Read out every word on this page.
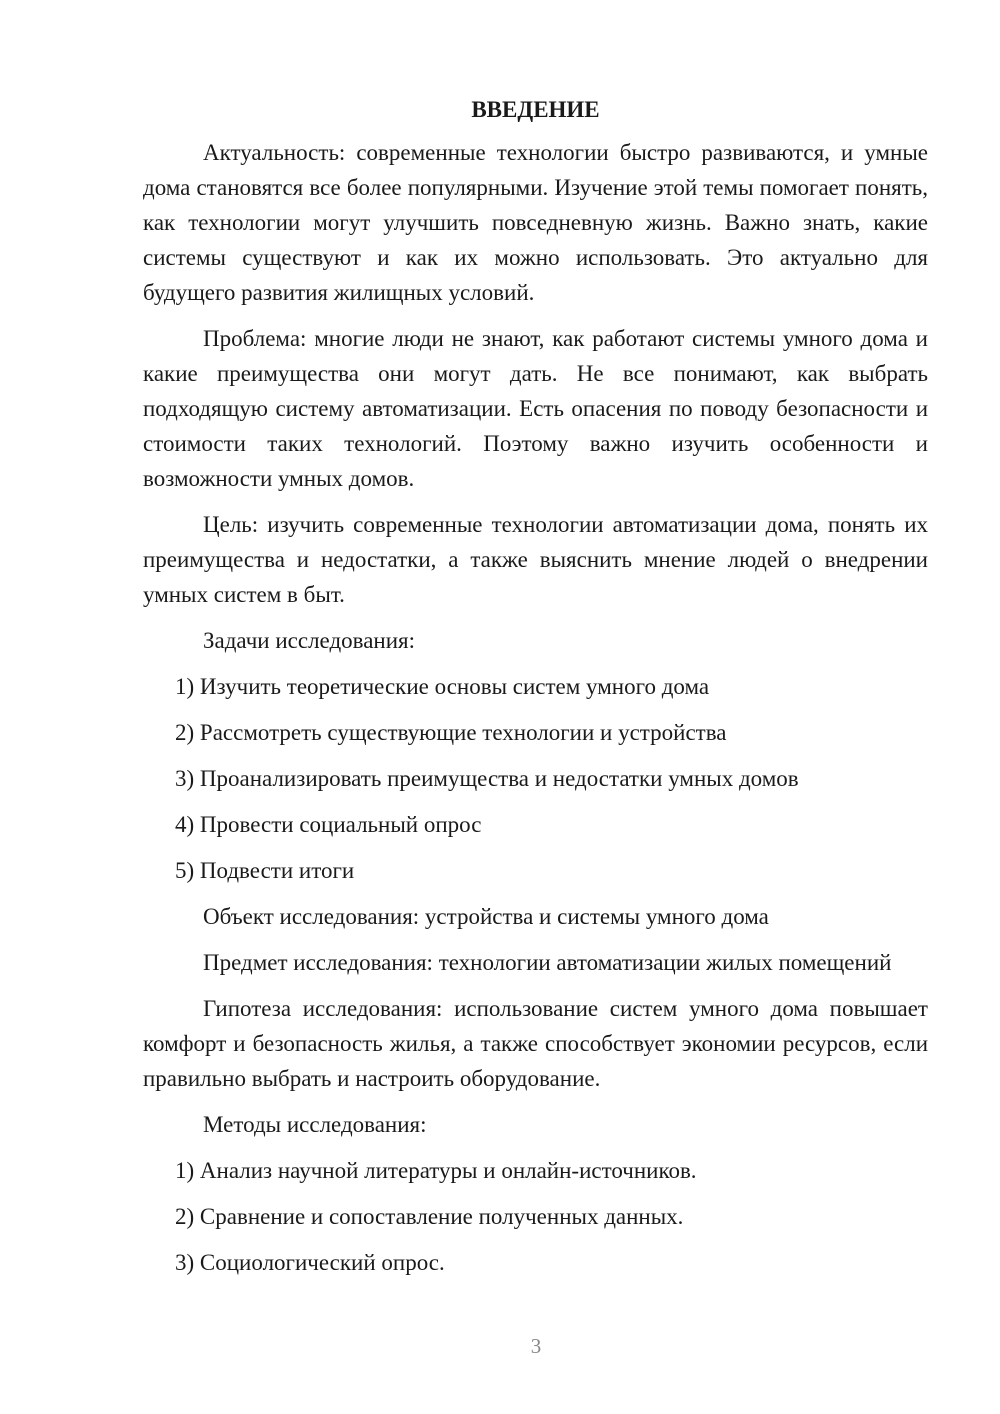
ВВЕДЕНИЕ

Актуальность: современные технологии быстро развиваются, и умные дома становятся все более популярными. Изучение этой темы помогает понять, как технологии могут улучшить повседневную жизнь. Важно знать, какие системы существуют и как их можно использовать. Это актуально для будущего развития жилищных условий.

Проблема: многие люди не знают, как работают системы умного дома и какие преимущества они могут дать. Не все понимают, как выбрать подходящую систему автоматизации. Есть опасения по поводу безопасности и стоимости таких технологий. Поэтому важно изучить особенности и возможности умных домов.

Цель: изучить современные технологии автоматизации дома, понять их преимущества и недостатки, а также выяснить мнение людей о внедрении умных систем в быт.

Задачи исследования:

1) Изучить теоретические основы систем умного дома

2) Рассмотреть существующие технологии и устройства

3) Проанализировать преимущества и недостатки умных домов

4) Провести социальный опрос

5) Подвести итоги

Объект исследования: устройства и системы умного дома

Предмет исследования: технологии автоматизации жилых помещений

Гипотеза исследования: использование систем умного дома повышает комфорт и безопасность жилья, а также способствует экономии ресурсов, если правильно выбрать и настроить оборудование.

Методы исследования:

1) Анализ научной литературы и онлайн-источников.

2) Сравнение и сопоставление полученных данных.

3) Социологический опрос.

3
